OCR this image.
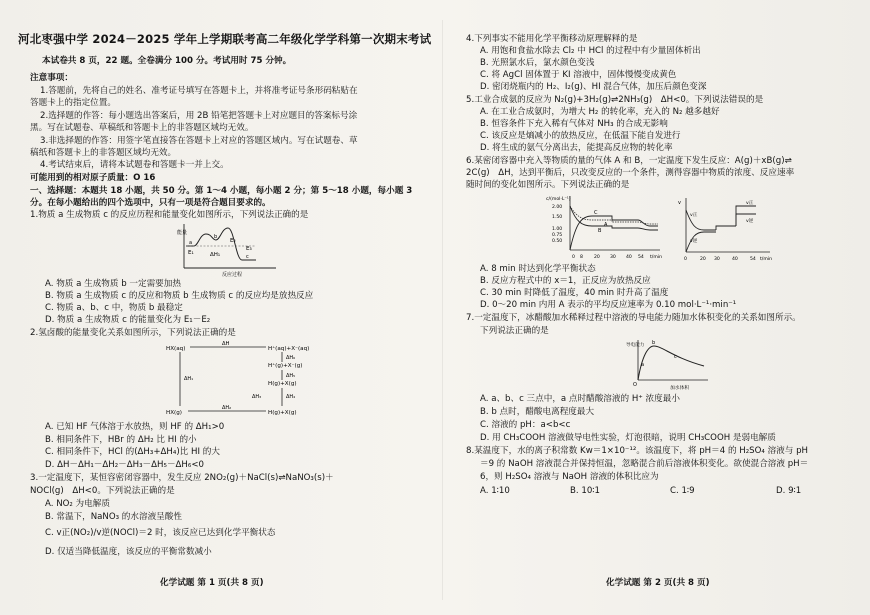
河北枣强中学 2024－2025 学年上学期联考高二年级化学学科第一次期末考试
本试卷共 8 页，22 题。全卷满分 100 分。考试用时 75 分钟。
注意事项：
1.答题前，先将自己的姓名、准考证号填写在答题卡上，并将准考证号条形码粘贴在
答题卡上的指定位置。
2.选择题的作答：每小题选出答案后，用 2B 铅笔把答题卡上对应题目的答案标号涂
黑。写在试题卷、草稿纸和答题卡上的非答题区域均无效。
3.非选择题的作答：用签字笔直接答在答题卡上对应的答题区域内。写在试题卷、草
稿纸和答题卡上的非答题区域均无效。
4.考试结束后，请将本试题卷和答题卡一并上交。
可能用到的相对原子质量：O 16
一、选择题：本题共 18 小题，共 50 分。第 1～4 小题，每小题 2 分；第 5～18 小题，每小题 3
分。在每小题给出的四个选项中，只有一项是符合题目要求的。
1.物质 a 生成物质 c 的反应历程和能量变化如图所示，下列说法正确的是
能量
a
b
c
E₁
E₂
E₃
ΔH₁
反应过程
A. 物质 a 生成物质 b 一定需要加热
B. 物质 a 生成物质 c 的反应和物质 b 生成物质 c 的反应均是放热反应
C. 物质 a、b、c 中，物质 b 最稳定
D. 物质 a 生成物质 c 的能量变化为 E₁－E₂
2.氢卤酸的能量变化关系如图所示，下列说法正确的是
HX(aq)	H⁺(aq)+X⁻(aq)
ΔH
H⁺(g)+X⁻(g)
H(g)+X(g)
ΔH₆
ΔH₅
ΔH₄
ΔH₁
HX(g)	H(g)+X(g)
ΔH₂
ΔH₃
A. 已知 HF 气体溶于水放热，则 HF 的 ΔH₁>0
B. 相同条件下，HBr 的 ΔH₂ 比 HI 的小
C. 相同条件下，HCl 的(ΔH₃+ΔH₄)比 HI 的大
D. ΔH－ΔH₁－ΔH₂－ΔH₃－ΔH₅－ΔH₆<0
3.一定温度下，某恒容密闭容器中，发生反应 2NO₂(g)＋NaCl(s)⇌NaNO₃(s)＋
NOCl(g)　ΔH<0。下列说法正确的是
A. NO₂ 为电解质
B. 常温下，NaNO₃ 的水溶液呈酸性
C. v正(NO₂)/v逆(NOCl)＝2 时，该反应已达到化学平衡状态
D. 仅适当降低温度，该反应的平衡常数减小
化学试题 第 1 页(共 8 页)
4.下列事实不能用化学平衡移动原理解释的是
A. 用饱和食盐水除去 Cl₂ 中 HCl 的过程中有少量固体析出
B. 光照氯水后，氯水颜色变浅
C. 将 AgCl 固体置于 KI 溶液中，固体慢慢变成黄色
D. 密闭烧瓶内的 H₂、I₂(g)、HI 混合气体，加压后颜色变深
5.工业合成氨的反应为 N₂(g)+3H₂(g)⇌2NH₃(g)　ΔH<0。下列说法错误的是
A. 在工业合成氨时，为增大 H₂ 的转化率，充入的 N₂ 越多越好
B. 恒容条件下充入稀有气体对 NH₃ 的合成无影响
C. 该反应是熵减小的放热反应，在低温下能自发进行
D. 将生成的氨气分离出去，能提高反应物的转化率
6.某密闭容器中充入等物质的量的气体 A 和 B，一定温度下发生反应：A(g)＋xB(g)⇌
2C(g)　ΔH，达到平衡后，只改变反应的一个条件，测得容器中物质的浓度、反应速率
随时间的变化如图所示。下列说法正确的是
c/(mol·L⁻¹)
2.00
1.50
1.00
0.75
0.50
C
B
A
0 8 20 30 40 54 t/min
v
v正
v逆
v正
v逆
0	20 30	40	54 t/min
A. 8 min 时达到化学平衡状态
B. 反应方程式中的 x＝1，正反应为放热反应
C. 30 min 时降低了温度，40 min 时升高了温度
D. 0～20 min 内用 A 表示的平均反应速率为 0.10 mol·L⁻¹·min⁻¹
7.一定温度下，冰醋酸加水稀释过程中溶液的导电能力随加水体积变化的关系如图所示。
下列说法正确的是
导电能力
O
a
b
c
加水体积
A. a、b、c 三点中，a 点时醋酸溶液的 H⁺ 浓度最小
B. b 点时，醋酸电离程度最大
C. 溶液的 pH：a<b<c
D. 用 CH₃COOH 溶液做导电性实验，灯泡很暗，说明 CH₃COOH 是弱电解质
8.某温度下，水的离子积常数 Kw＝1×10⁻¹²。该温度下，将 pH＝4 的 H₂SO₄ 溶液与 pH
＝9 的 NaOH 溶液混合并保持恒温，忽略混合前后溶液体积变化。欲使混合溶液 pH＝
6，则 H₂SO₄ 溶液与 NaOH 溶液的体积比应为
A. 1∶10	B. 10∶1	C. 1∶9	D. 9∶1
化学试题 第 2 页(共 8 页)
